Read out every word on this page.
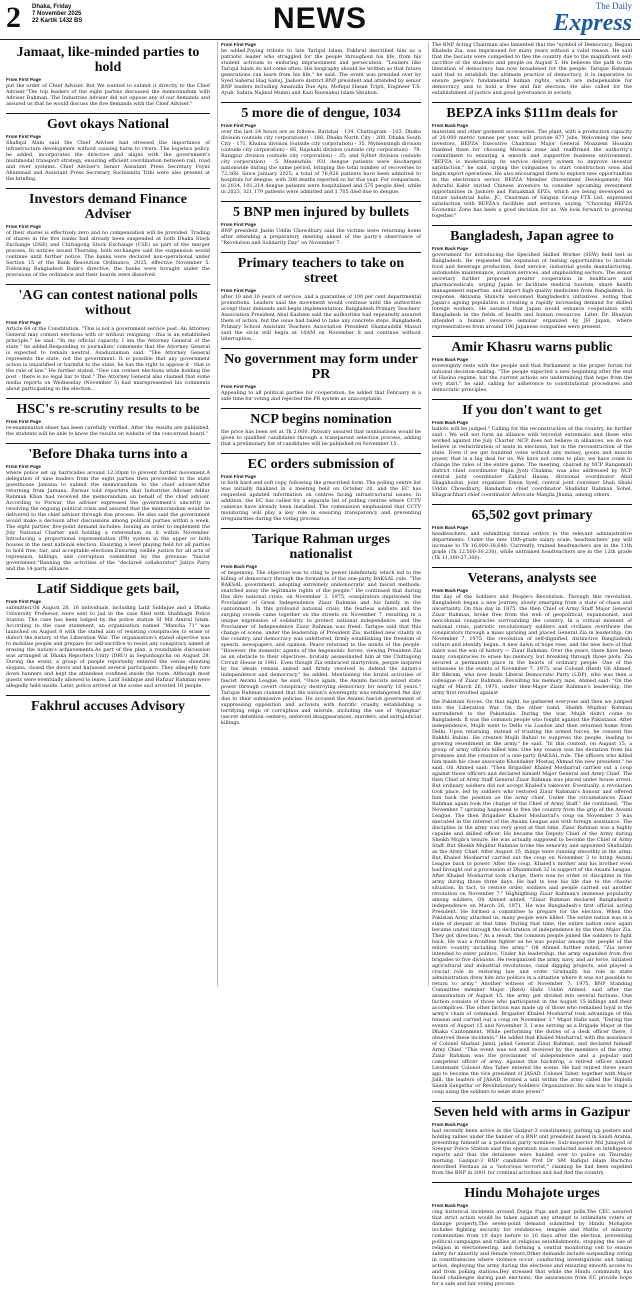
2 Dhaka, Friday
7 November 2025
22 Kartik 1432 BS	NEWS	The Daily
Express
Jamaat, like-minded parties to hold
From First Page
put the order of Chief Adviser. But We wanted to submit it directly to the Chief Adviser."The top leaders of the eight parties discussed the memorandum with Adviser Rahman. The Industries Adviser did not oppose any of our demands and assured us that he would discuss the five demands with the Chief Adviser."
Govt okays National
From First Page
Shafiqul Alam said the Chief Adviser had stressed the importance of infrastructure development without causing harm to rivers. The logistics policy, he added, incorporates the directive and aligns with the government's multimodal transport strategy, ensuring efficient coordination between rail, road and river systems. Chief Adviser's Senior Assistant Press Secretary Foyez Ahammad and Assistant Press Secretary Suchismita Tithi were also present at the briefing.
Investors demand Finance Adviser
From First Page
of their shares is effectively zero and no compensation will be provided. Trading of shares in the five banks had already been suspended at both Dhaka Stock Exchange (DSE) and Chittagong Stock Exchange (CSE) as part of the merger process. In notices issued Thursday, both exchanges said the suspension would continue until further notice. The banks were declared non-operational under Section 15 of the Bank Resolution Ordinance, 2025, effective November 5. Following Bangladesh Bank's directive, the banks were brought under the provisions of the ordinance and their boards were dissolved.
'AG can contest national polls without
From First Page
Article 64 of the Constitution. "This is not a government service post. An Attorney General may contest elections with or without resigning - this is an established principle," he said. "In my official capacity, I am the Attorney General of the state," he added.Responding to journalists' comments that the Attorney General is expected to remain neutral, Asaduzzaman said, "The Attorney General represents the state, not the government. It is possible that any government action is unjustified or harmful to the state, he has the right to oppose it - that is the rule of law." He further stated, "One can contest elections while holding the post - there is no legal bar to that." The Attorney General also claimed that some media reports on Wednesday (November 5) had misrepresented his comments about participating in the election.
HSC's re-scrutiny results to be
From First Page
re-examination sheet has been carefully verified. After the results are published, the students will be able to know the results on website of the concerned board."
'Before Dhaka turns into a
From First Page
where police set up barricades around 12:30pm to prevent further movement.A delegation of nine leaders from the eight parties then proceeded to the state guesthouse Jamuna to submit the memorandum to the chief adviser.After returning from Jamuna, Parwar told reporters that Industries Adviser Adilur Rahman Khan had received the memorandum on behalf of the chief adviser. According to Porwar, the adviser expressed the government's sincerity in resolving the ongoing political crisis and assured that the memorandum would be delivered to the chief adviser through due process. He also said the government would make a decision after discussions among political parties within a week. The eight parties' five-point demand includes: Issuing an order to implement the July National Charter and holding a referendum on it within November. Introducing a proportional representation (PR) system in the upper or both houses in the next national election. Ensuring a level playing field for all parties to hold free, fair, and acceptable elections.Ensuring visible justice for all acts of repression, killings, and corruption committed by the previous "fascist government."Banning the activities of the "declared collaborator" Jatiya Party and the 14-party alliance.
Latif Siddique gets bail,
From First Page
submitted.On August 28, 16 individuals, including Latif Siddique and a Dhaka University Professor, were sent to jail in the case filed with Shahbagh Police Station. The case has been lodged by the police station SI Md Amirul Islam. According to the case statement, an organisation named "Mancha 71" was launched on August 8 with the stated aim of resisting conspiracies to erase or distort the history of the Liberation War. The organisation's stated objective was to mobilise people and prepare for self-sacrifice to resist any conspiracy aimed at erasing the nation's achievements.As part of this plan, a roundtable discussion was arranged at Dhaka Reporters Unity (DRU) in Segunbagicha on August 28. During the event, a group of people reportedly entered the venue shouting slogans, closed the doors and harassed several participants. They allegedly tore down banners and kept the attendees confined inside the room. Although most guests were eventually allowed to leave, Latif Siddique and Hafizur Rahman were allegedly held inside. Later, police arrived at the scene and arrested 16 people.
Fakhrul accuses Advisory
From First Page
he added.Paying tribute to late Tariqul Islam, Fakhrul described him as a patriotic leader who struggled for the people throughout his life, from his student activism to enduring imprisonment and persecution. "Leaders like Tariqul Islam do not come often. His biography should be written so that future generations can learn from his life," he said. The event was presided over by Syed Saberul Haq Sabuj, Jashore district BNP president and attended by senior BNP leaders including Amanulla Due Apu, Mofiqul Hasan Tripti, Engineer T.S. Ayub, Sabira Najmul Munni and Kazi Rawnakul Islam Shrabon.
5 more die of dengue, 1034
From First Page
over the last 24 hours are as follows: Barishal - 134, Chattogram - 103, Dhaka division (outside city corporations) - 188, Dhaka North City - 200, Dhaka South City - 171, Khulna division (outside city corporation) - 35, Mymensingh division (outside city corporation) - 66, Rajshahi division (outside city corporation) - 79, Rangpur division (outside city corporation) - 35, and Sylhet division (outside city corporation) - 5. Meanwhile, 931 dengue patients were discharged nationwide during the same period, bringing the total number of recoveries to 72,368. Since January 2025, a total of 76,026 patients have been admitted to hospitals for dengue, with 308 deaths reported so far this year. For comparison, in 2024, 101,214 dengue patients were hospitalised and 575 people died, while in 2023, 321,179 patients were admitted and 1,705 died due to dengue.
5 BNP men injured by bullets
From First Page
BNP president Jasim Uddin Chowdhury said the victims were returning home after attending a preparatory meeting ahead of the party's observance of "Revolution and Solidarity Day" on November 7.
Primary teachers to take on street
From First Page
after 10 and 16 years of service, and a guarantee of 100 per cent departmental promotions. Leaders said the movement would continue until the authorities accept their demands and begin implementation. Bangladesh Primary Teachers' Association President Abul Kashem said the authorities had repeatedly assured them of action, but the issue had failed to take any concrete steps. Bangladesh Primary School Assistant Teachers Association President Shamsuddin Masud said the sit-in will begin at 10AM on November 8 and continue without interruption.
No government may form under PR
From First Page
Appealing to all political parties for cooperation, he added that February is a safe time for voting and rejected the PR system as unacceptable.
NCP begins nomination
the price has been set at Tk 2,000. Patwary assured that nominations would be given to qualified candidates through a transparent selection process, adding that a preliminary list of candidates will be published on November 15.
EC orders submission of
From First Page
in both hard and soft copy, following the prescribed form. The polling centre list was initially finalized in a meeting held on October 20, and the EC has requested updated information on centres facing infrastructural issues. In addition, the EC has called for a separate list of polling centres where CCTV cameras have already been installed. The commission emphasized that CCTV monitoring will play a key role in ensuring transparency and preventing irregularities during the voting process.
Tarique Rahman urges nationalist
From Back Page
of hegemony. The objective was to cling to power indefinitely, which led to the killing of democracy through the formation of the one-party BAKSAL rule. "The BAKSAL government, adopting extremely undemocratic and fascist methods, snatched away the legitimate rights of the people." He continued that during this dire national crisis, on November 3, 1975, conspirators imprisoned the Proclaimer of Great Independence Ziaur Rahman and his family in the cantonment. In this profound national crisis, the fearless soldiers and the surging crowds came together on the streets on November 7, resulting in a unique expression of solidarity to protect national independence, and the Proclaimer of Independence Ziaur Rahman was freed. Tarique said that this change of scene, under the leadership of President Zia, instilled new vitality in the country, and democracy was unfettered, firmly establishing the freedom of speech, newspapers, and opinion. Peace returned to the minds of the people. "However, the domestic agents of the hegemonic forces, viewing President Zia as an obstacle to their objectives, brutally assassinated him at the Chittagong Circuit House in 1981. Even though Zia embraced martyrdom, people inspired by his ideals remain united and firmly resolved to defend the nation's independence and democracy," he added. Mentioning the brutal activities of fascist Awami League, he said, "Once again, the Awami fascists seized state power through covert conspiracy, destroying democracy for nearly 16 years." Tarique Rahman claimed that the nation's sovereignty was endangered the day due to their submissive policies. He accused the Awami fascist government of suppressing opposition and activists with horrific cruelty, establishing a terrifying reign of corruption and misrule, including the use of 'Ayanghar' (secret detention centers), enforced disappearances, murders, and extrajudicial killings.
The BNP Acting Chairman also lamented that the "symbol of Democracy, Begum Khaleda Zia, was imprisoned for many years without a valid reason. He said that the fascists were compelled to flee the country due to the magnificent self-sacrifice of the students and people on August 5. He believes the path to the liberation of democracy has now broadened for the people. Tarique Rahman said that to establish the ultimate practice of democracy, it is imperative to ensure people's fundamental human rights, which are indispensable for democracy, and to hold a free and fair election. He also called for the establishment of justice and good governance in society.
BEPZA inks $111m deals for
From Back Page
materials and other garment accessories. The plant, with a production capacity of 20,000 metric tonnes per year, will provide 677 jobs. Welcoming the new investors, BEPZA Executive Chairman Major General Moazzem Hossain thanked them for choosing Mirsarai zone and reaffirmed the authority's commitment to ensuring a smooth and supportive business environment. "BEPZA is modernizing its service delivery system to improve investor satisfaction," he said, urging the companies to start construction soon and begin export operations. He also encouraged them to explore new opportunities in the electronics sector. BEPZA Member (Investment Development) Md Ashraful Kabir invited Chinese investors to consider upcoming investment opportunities in Jashore and Patuakhali EPZs, which are being developed as future industrial hubs. JC, Chairman of Singxin Group FTX Ltd, expressed satisfaction with BEPZA's facilities and services, saying, "Choosing BEPZA Economic Zone has been a good decision for us. We look forward to growing together."
Bangladesh, Japan agree to
From Back Page
government for introducing the Specified Skilled Worker (SSW) field test in Bangladesh. He requested the expansion of testing opportunities to include food and beverage production, food service, industrial goods manufacturing, automobile maintenance, aviation services, and shipbuilding sectors. The senior secretary further proposed greater cooperation in healthcare and pharmaceuticals, urging Japan to facilitate medical tourism, share health management expertise, and import high-quality medicines from Bangladesh. In response, Akiyama Shinichi welcomed Bangladesh's initiatives, noting that Japan's ageing population is creating a rapidly increasing demand for skilled foreign workers. He assured that Japan would enhance cooperation with Bangladesh in the fields of health and human resources. Later, Dr. Bhuiyan attended a human resource seminar organized by JH Japan, where representatives from around 100 Japanese companies were present.
Amir Khasru warns public
From Back Page
sovereignty rests with the people and that Parliament is the proper forum for national decision-making. "The people expected a new beginning after the end of Hasina regime, but the current actions are undermining that hope from the very start," he said, calling for adherence to constitutional procedures and democratic principles.
If you don't want to get
From Back Page
ballots will be judged." Calling for the reconstruction of the country, he further said : We will not form an alliance with terrorist extremists and those who worked against the July Charter. NCP does not believe in alliances, we do not believe in redistribution of seats in elections, but in the reconstruction of the state. Even if we get hundred votes without any money, goons and muscle power, that is a big deal for us. We have not come to play; we have come to change the rules of the entire game. The meeting, chaired by NCP Rangamati district chief coordinator Bipin Jyoti Chakma, was also addressed by NCP central joint coordinator Zahirul Hasan, divisional coordinator Abid Shagahudun, joint organizer Emon Syed, central joint convener Shah Shahi Uddin Chowdhury, Bandarban chief coordinator Shahidur Rahman Sohel, Khagrachhari chief coordinator Advocate Manjila Jhuma, among others.
65,502 govt primary
From Back Page
headteachers, and submitting formal orders to the relevant administrative departments. Under the new 10th-grade salary scale, headteachers' pay will increase to Tk 16,000-38,640. Currently, trained headteachers are in the 11th grade (Tk 12,500-30,230), while untrained headteachers are in the 12th grade (Tk 11,300-27,300).
Veterans, analysts see
From Back Page
the day of the Soldiers and People's Revolution. Through this revolution, Bangladesh began a new journey, slowly emerging from a state of chaos and uncertainty. On this day in 1975, the then Chief of Army Staff Major General Ziaur Rahman, broke free from the web of geopolitical, expansionist, and neocolonial conspiracies surrounding the country. In a critical moment of national crisis, patriotic revolutionary soldiers and civilians overthrew the conspirators through a mass uprising and placed General Zia in leadership. On November 7, 1975, the revolution of self-dignified, distinctive Bangladeshi culture and identity began. A new dawn of hope rose, and the new hero of that dawn was the son of history — Ziaur Rahman. Over the years, there have been many conspiracies to erase his memory, but breaking through those plots, Zia secured a permanent place in the hearts of ordinary people. One of the witnesses to the events of November 7, 1975, was Colonel (Retd) Oli Ahmed, Bir Bikram, who now leads Liberal Democratic Party (LDP), who was then a colleague of Ziaur Rahman. Revisiting his memory lane, Ahmed said: "On the night of March 26, 1971, under then-Major Ziaur Rahman's leadership, the army first revolted against
the Pakistani forces. On that night, he gathered everyone and then we jumped into the Liberation War. On the other hand, Sheikh Mujibur Rahman surrendered to the Pakistanis. During the war, Mujib didn't come to Bangladesh. It was the common people who fought against the Pakistanis. After independence, Mujib went to Delhi via London and then returned home from Delhi. Upon returning, instead of trusting the armed forces, he created the Rakkhi Bahini. He created Mujib Bahini to suppress the people, leading to growing resentment in the army," he said. "In this context, on August 15, a group of army officers killed him. One key reason was his deviation from his promises and the creation of a one-party BAKSAL rule. The officers who killed him made his close associate Khondaker Mostaq Ahmad the new president," he said. Oli Ahmed said: "Then Brigadier Khaled Mosharraf carried out a coup against those officers and declared himself Major General and Army Chief. The then Chief of Army Staff General Ziaur Rahman was placed under house arrest. But ordinary soldiers did not accept Khaled's takeover. Eventually, a revolution took place, led by soldiers who restored Ziaur Rahman's honour and offered him back the position as the army chief. Under the circumstances Ziaur Rahman again took the charge of the Chief of Army Staff." He continued, "The November 7 uprising happened to free the country from the grip of the Awami League. The then Brigadier Khaled Mosharraf's coup on November 3 was executed in the interest of the Awami League and with foreign assistance. The discipline in the army was very good at that time. Ziaur Rahman was a highly capable and skilled officer. He became the Deputy Chief of the Army during Sheikh Mujib's tenure. He was actually supposed to become the Chief of Army Staff. But Sheikh Mujibur Rahman broke the seniority and appointed Shafiullah as the Army Chief. After August 15, things were running smoothly in the army. But Khaled Mosharraf carried out the coup on November 3 to bring Awami League back to power. After the coup, Khaled's mother and his brother even had brought out a procession at Dhanmondi 32 in support of the Awami League. After Khaled Mosharraf took charge, there was no order or discipline in the army during those three days. He had to lose his life due to the chaotic situation. In fact, to restore order, soldiers and people carried out another revolution on November 7." Highlighting Ziaur Rahman's immense popularity among soldiers, Oli Ahmed added, "Ziaur Rahman declared Bangladesh's independence on March 26, 1971. He was Bangladesh's first official acting President. He formed a committee to prepare for the election. When the Pakistan Army attacked us, many people were killed. The entire nation was in a state of despair at that time. During that time, the entire nation once again became united through the declaration of independence by the then Major Zia. They got direction." As a result, the common people joined the soldiers to fight back. He was a frontline fighter as he was popular among the people of the entire country including the army." Oli Ahmed further noted, "Zia never intended to enter politics. Under his leadership, the army expanded from five brigades to five divisions. He reorganized the army, navy, and air force, initiated agricultural and industrial revolutions, canal digging projects, and played a crucial role in restoring law and order. Gradually, his role in state administration drew him into politics in a situation where it was not possible to return to army." Another witness of November 7, 1975, BNP Standing Committee member Major (Retd) Hafiz Uddin Ahmed, said after the assassination of August 15, the army got divided into several factions. One faction consists of those who participated in the August 15 killings and their accomplices. The other faction was made up of those who remained loyal to the army's chain of command. Brigadier Khaled Mosharraf took advantage of this tension and carried out a coup on November 3." Major Hafiz said, "During the events of August 15 and November 3, I was serving as a Brigade Major at the Dhaka Cantonment. While performing the duties of a desk officer there, I observed these incidents." He added that Khaled Mosharraf, with the assistance of Colonel Shafaat Jamil, jailed General Ziaur Rahman, and declared himself Army Chief. "This event was not well received by the members of the army. Ziaur Rahman was the proclaimer of independence and a popular and competent officer of army. Against this backdrop, a retired officer named Lieutenant Colonel Abu Taher entered the scene. He had retired three years ago to become the vice president of JASAD. Colonel Taher, together with Major Jalil, the leaders of JASAD, formed a unit within the army called the 'Biplobi Sainik Sangstha' or Revolutionary Soldiers' Organization. Its aim was to stage a coup using the soldiers to seize state power."
Seven held with arms in Gazipur
From Back Page
had recently been active in the Gazipur-3 constituency, putting up posters and holding rallies under the banner of a BNP unit president based in Saudi Arabia, presenting himself as a potential party nominee. Sub-inspector Md Junayed of Sreepur Police Station said the operation was conducted based on intelligence reports and that the detainees were handed over to police on Thursday morning. Gazipur-3 BNP candidate Prof Dr SM Rafiqul Islam Bachchu described Ferdaus as a "notorious terrorist," claiming he had been expelled from the BNP in 2001 for criminal activities and had fled the country.
Hindu Mohajote urges
From Back Page
cing historical incidents around Durga Puja and past polls.The CEC assured that strict action would be taken against any attempt to intimidate voters or damage property.The seven-point demand submitted by Hindu Mohajote includes fighting security for residences, temples and Maths of minority communities from 10 days before to 10 days after the election, preventing political campaigns and rallies at religious establishments, stopping the use of religion in electioneering, and forming a central monitoring cell to ensure safety for minority and female voters.Other demands include suspending voting in constituencies where violence occur, conducting investigations and taking action, deploying the army during the elections and ensuring smooth access to and from polling stations.Dey stressed that while the Hindu community has faced challenges during past elections, the assurances from EC provide hope for a safe and fair voting process.
